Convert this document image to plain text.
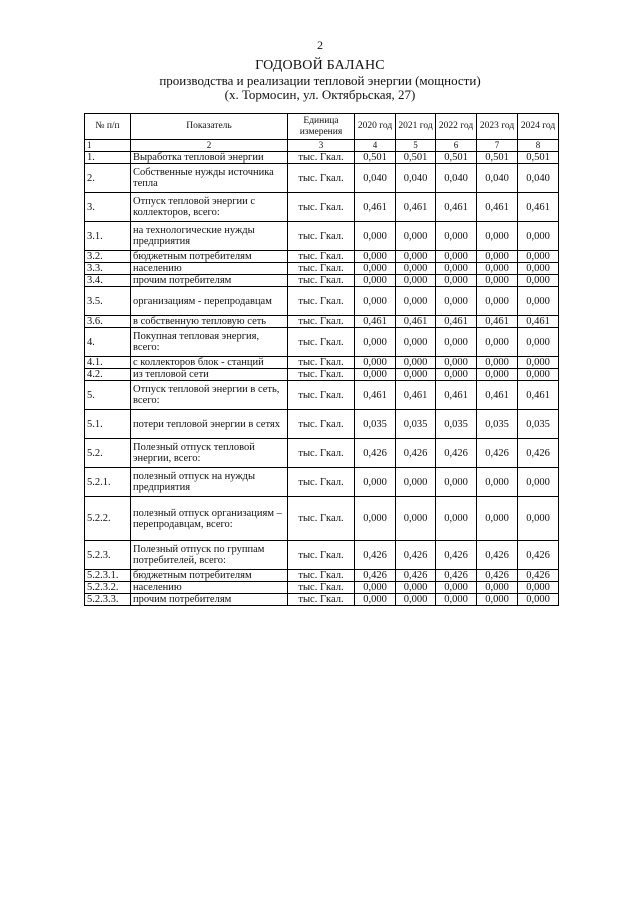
2
ГОДОВОЙ БАЛАНС
производства и реализации тепловой энергии (мощности)
(х. Тормосин, ул. Октябрьская, 27)
№ п/п	Показатель	Единица измерения	2020 год	2021 год	2022 год	2023 год	2024 год
1	2	3	4	5	6	7	8
1.	Выработка тепловой энергии	тыс. Гкал.	0,501	0,501	0,501	0,501	0,501
2.	Собственные нужды источника тепла	тыс. Гкал.	0,040	0,040	0,040	0,040	0,040
3.	Отпуск тепловой энергии с коллекторов, всего:	тыс. Гкал.	0,461	0,461	0,461	0,461	0,461
3.1.	на технологические нужды предприятия	тыс. Гкал.	0,000	0,000	0,000	0,000	0,000
3.2.	бюджетным потребителям	тыс. Гкал.	0,000	0,000	0,000	0,000	0,000
3.3.	населению	тыс. Гкал.	0,000	0,000	0,000	0,000	0,000
3.4.	прочим потребителям	тыс. Гкал.	0,000	0,000	0,000	0,000	0,000
3.5.	организациям - перепродавцам	тыс. Гкал.	0,000	0,000	0,000	0,000	0,000
3.6.	в собственную тепловую сеть	тыс. Гкал.	0,461	0,461	0,461	0,461	0,461
4.	Покупная тепловая энергия, всего:	тыс. Гкал.	0,000	0,000	0,000	0,000	0,000
4.1.	с коллекторов блок - станций	тыс. Гкал.	0,000	0,000	0,000	0,000	0,000
4.2.	из тепловой сети	тыс. Гкал.	0,000	0,000	0,000	0,000	0,000
5.	Отпуск тепловой энергии в сеть, всего:	тыс. Гкал.	0,461	0,461	0,461	0,461	0,461
5.1.	потери тепловой энергии в сетях	тыс. Гкал.	0,035	0,035	0,035	0,035	0,035
5.2.	Полезный отпуск тепловой энергии, всего:	тыс. Гкал.	0,426	0,426	0,426	0,426	0,426
5.2.1.	полезный отпуск на нужды предприятия	тыс. Гкал.	0,000	0,000	0,000	0,000	0,000
5.2.2.	полезный отпуск организациям – перепродавцам, всего:	тыс. Гкал.	0,000	0,000	0,000	0,000	0,000
5.2.3.	Полезный отпуск по группам потребителей, всего:	тыс. Гкал.	0,426	0,426	0,426	0,426	0,426
5.2.3.1.	бюджетным потребителям	тыс. Гкал.	0,426	0,426	0,426	0,426	0,426
5.2.3.2.	населению	тыс. Гкал.	0,000	0,000	0,000	0,000	0,000
5.2.3.3.	прочим потребителям	тыс. Гкал.	0,000	0,000	0,000	0,000	0,000
